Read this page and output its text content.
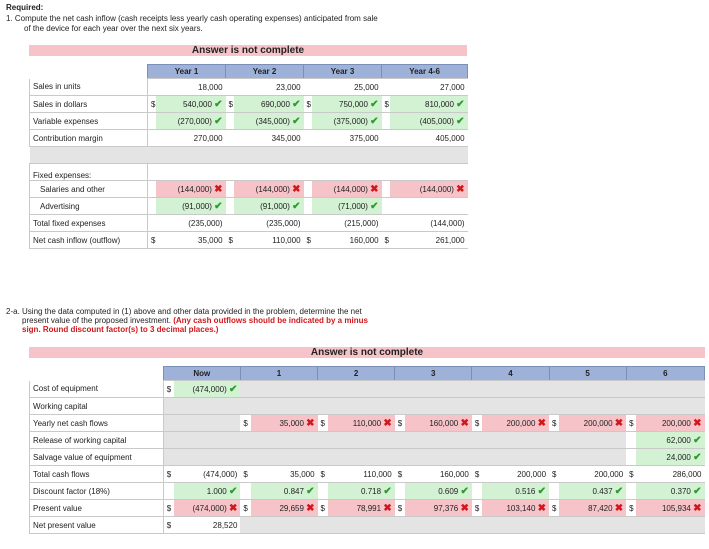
Required:
1. Compute the net cash inflow (cash receipts less yearly cash operating expenses) anticipated from sale
of the device for each year over the next six years.
Answer is not complete
	Year 1		Year 2		Year 3		Year 4-6	
Sales in units		18,000		23,000		25,000		27,000
Sales in dollars	$	540,000 ✔	$	690,000 ✔	$	750,000 ✔	$	810,000 ✔
Variable expenses		(270,000) ✔		(345,000) ✔		(375,000) ✔		(405,000) ✔
Contribution margin		270,000		345,000		375,000		405,000

Fixed expenses:								
Salaries and other		(144,000) ✖		(144,000) ✖		(144,000) ✖		(144,000) ✖
Advertising		(91,000) ✔		(91,000) ✔		(71,000) ✔		
Total fixed expenses		(235,000)		(235,000)		(215,000)		(144,000)
Net cash inflow (outflow)	$	35,000	$	110,000	$	160,000	$	261,000
2-a. Using the data computed in (1) above and other data provided in the problem, determine the net
present value of the proposed investment. (Any cash outflows should be indicated by a minus
sign. Round discount factor(s) to 3 decimal places.)
Answer is not complete
	Now		1		2		3		4		5		6	
Cost of equipment	$	(474,000) ✔												
Working capital														
Yearly net cash flows			$	35,000 ✖	$	110,000 ✖	$	160,000 ✖	$	200,000 ✖	$	200,000 ✖	$	200,000 ✖
Release of working capital														62,000 ✔
Salvage value of equipment														24,000 ✔
Total cash flows	$	(474,000)	$	35,000	$	110,000	$	160,000	$	200,000	$	200,000	$	286,000
Discount factor (18%)		1.000 ✔		0.847 ✔		0.718 ✔		0.609 ✔		0.516 ✔		0.437 ✔		0.370 ✔
Present value	$	(474,000) ✖	$	29,659 ✖	$	78,991 ✖	$	97,376 ✖	$	103,140 ✖	$	87,420 ✖	$	105,934 ✖
Net present value	$	28,520												
